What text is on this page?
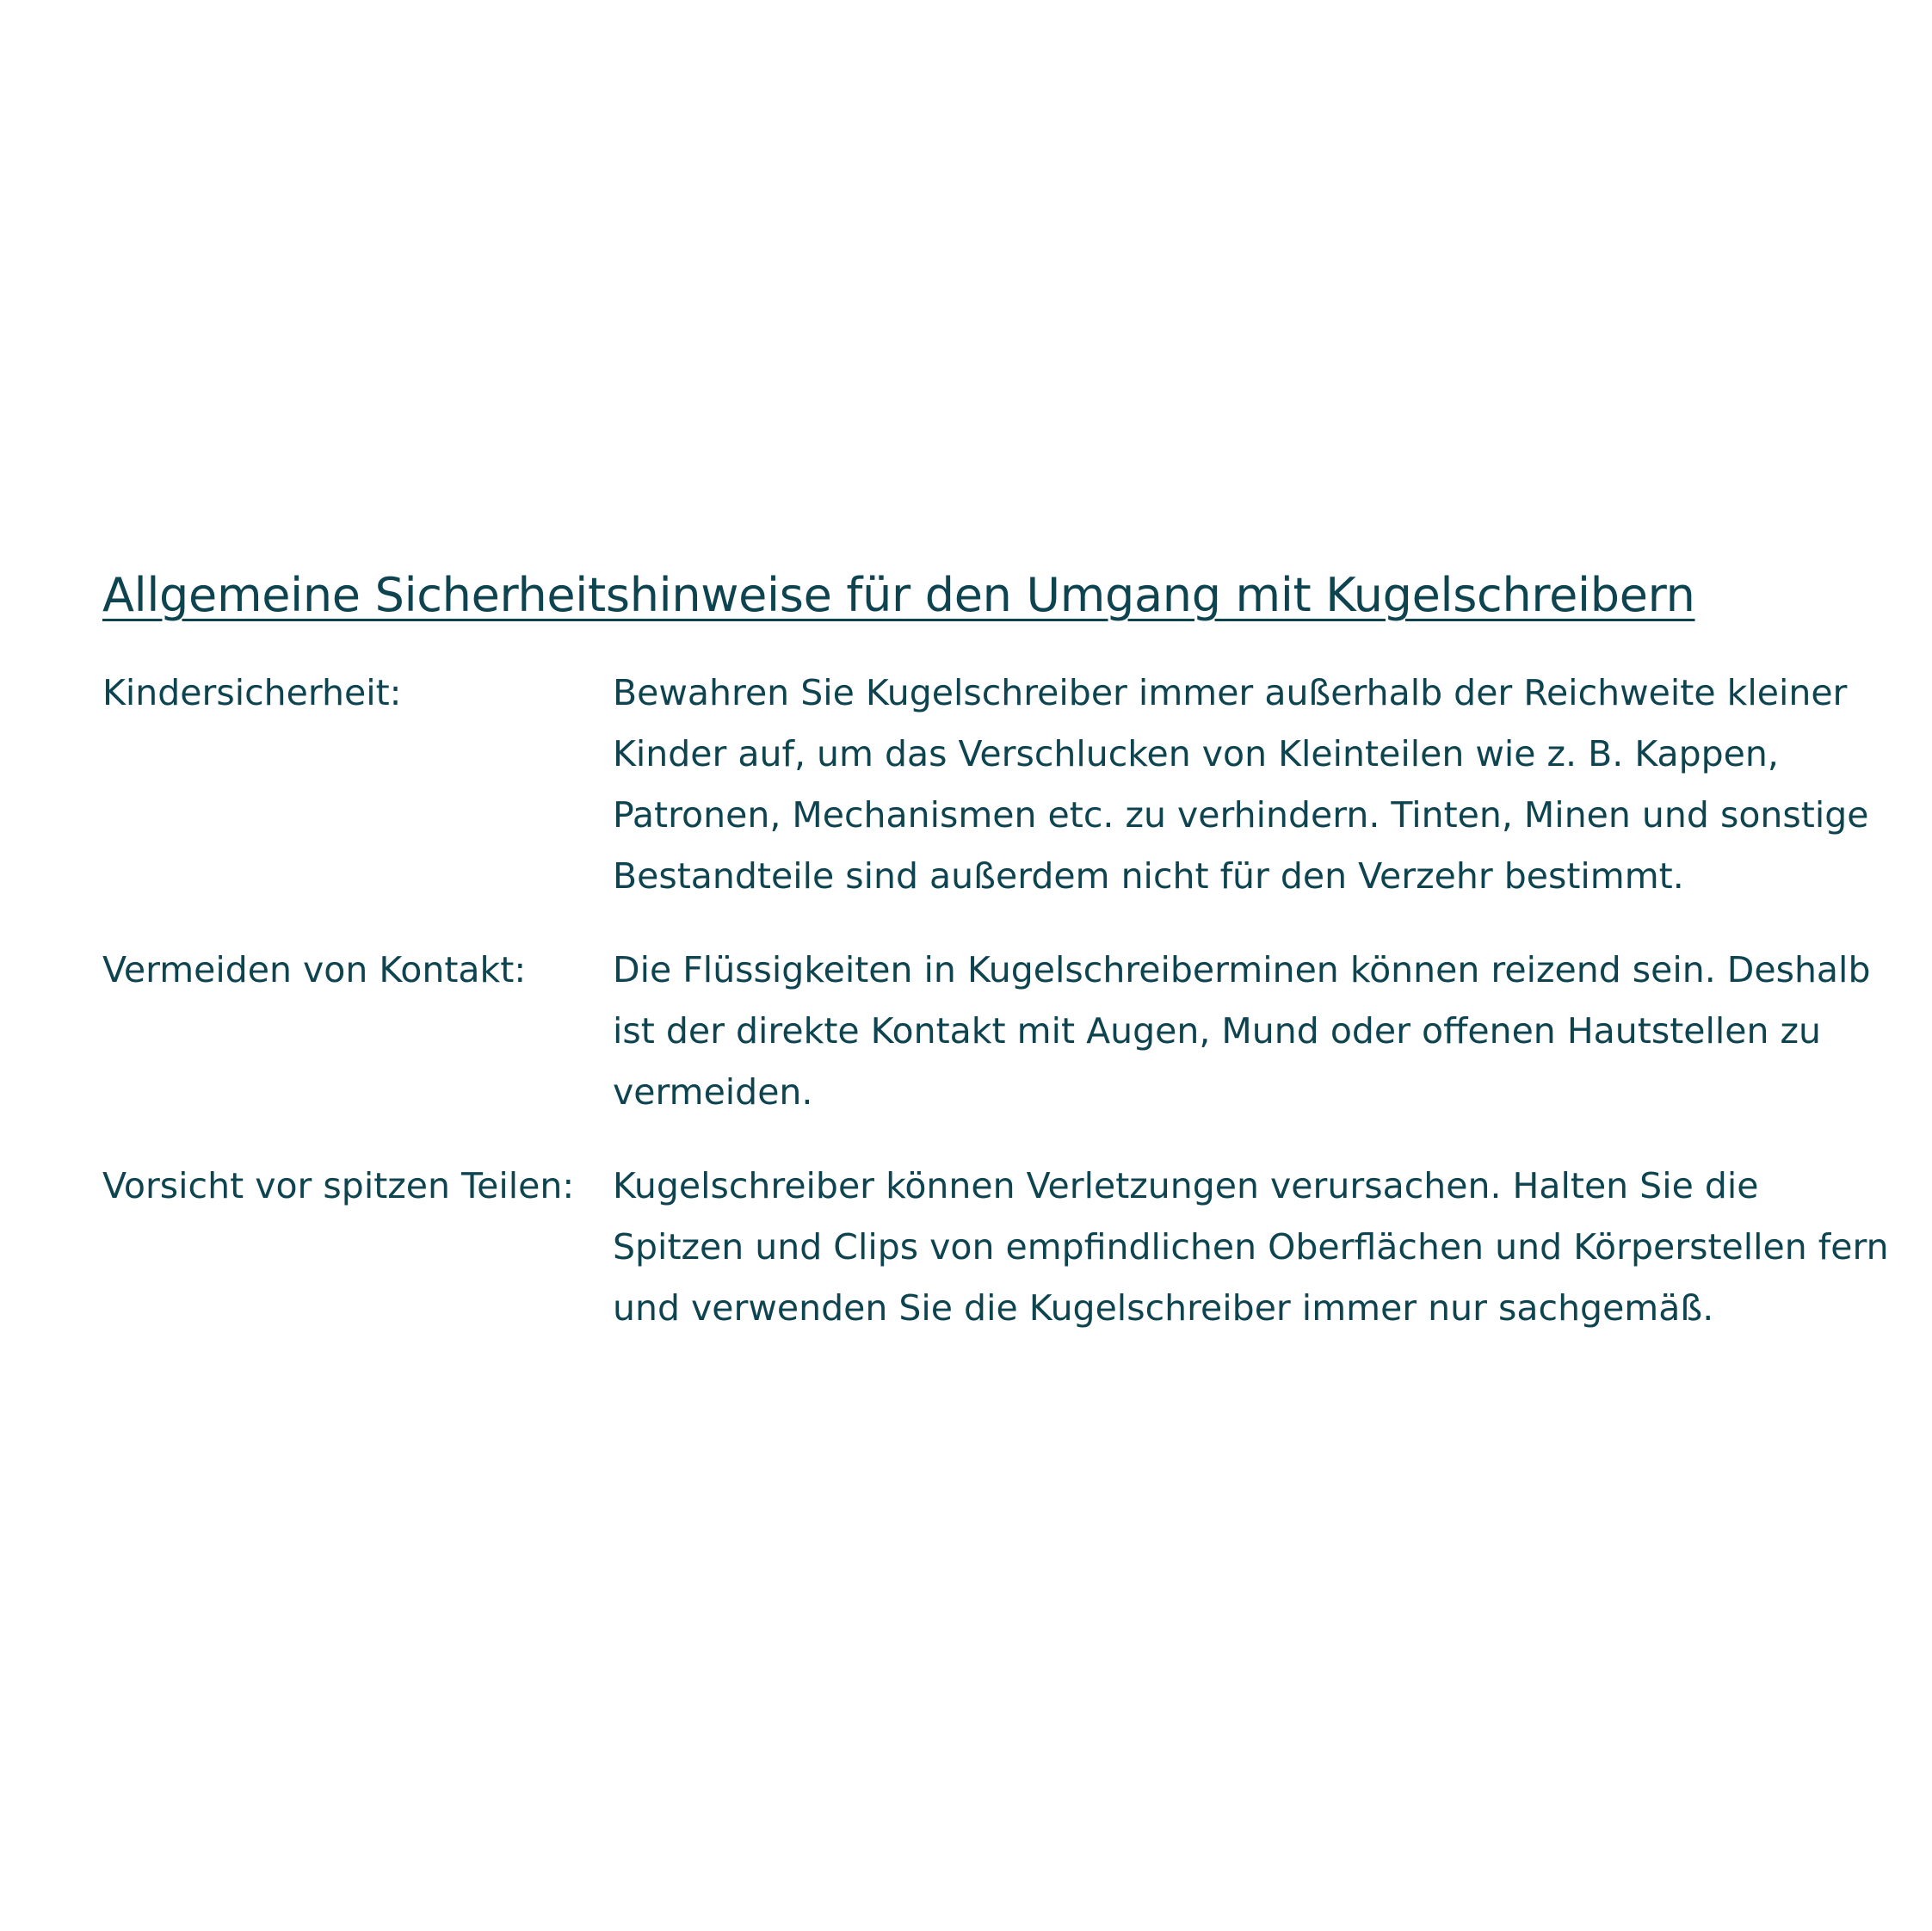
Allgemeine Sicherheitshinweise für den Umgang mit Kugelschreibern
Kindersicherheit:	Bewahren Sie Kugelschreiber immer außerhalb der Reichweite kleiner Kinder auf, um das Verschlucken von Kleinteilen wie z. B. Kappen, Patronen, Mechanismen etc. zu verhindern. Tinten, Minen und sonstige Bestandteile sind außerdem nicht für den Verzehr bestimmt.
Vermeiden von Kontakt:	Die Flüssigkeiten in Kugelschreiberminen können reizend sein. Deshalb ist der direkte Kontakt mit Augen, Mund oder offenen Hautstellen zu vermeiden.
Vorsicht vor spitzen Teilen:	Kugelschreiber können Verletzungen verursachen. Halten Sie die Spitzen und Clips von empfindlichen Oberflächen und Körperstellen fern und verwenden Sie die Kugelschreiber immer nur sachgemäß.
